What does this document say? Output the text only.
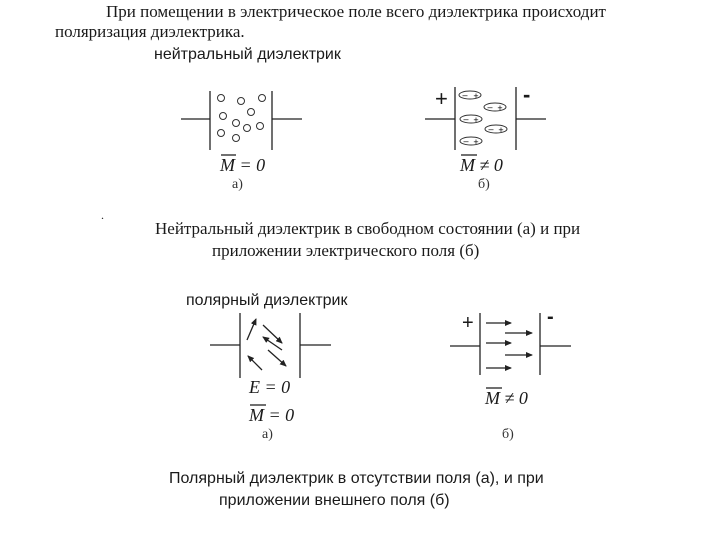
При помещении в электрическое поле всего диэлектрика происходит
поляризация диэлектрика.
нейтральный диэлектрик
– +
– +
– +
– +
– +
M = 0
а)
+	-
M ≠ 0
б)
.
Нейтральный диэлектрик в свободном состоянии (а) и при
приложении электрического поля (б)
полярный диэлектрик
E = 0
M = 0
а)
+	-
M ≠ 0
б)
Полярный диэлектрик в отсутствии поля (а), и при
приложении внешнего поля (б)
